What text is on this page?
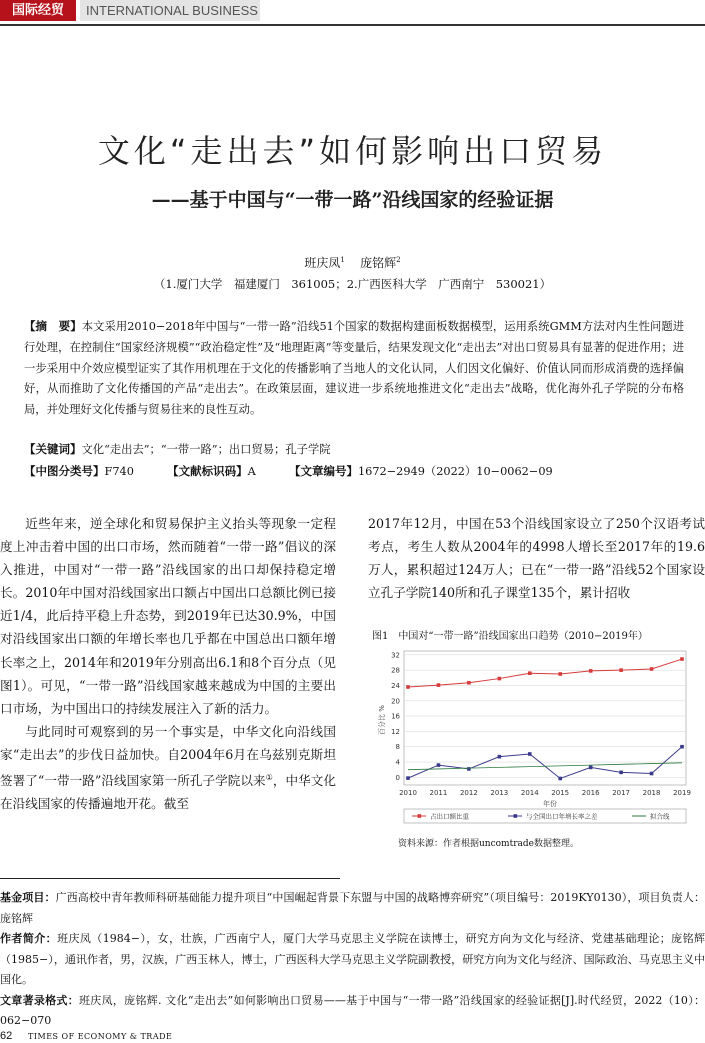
国际经贸	INTERNATIONAL BUSINESS
文化“走出去”如何影响出口贸易
——基于中国与“一带一路”沿线国家的经验证据
班庆凤$^1$ 庞铭辉$^2$
（1.厦门大学　福建厦门　361005；2.广西医科大学　广西南宁　530021）
【摘　要】本文采用2010−2018年中国与“一带一路”沿线51个国家的数据构建面板数据模型，运用系统GMM方法对内生性问题进行处理，在控制住“国家经济规模”“政治稳定性”及“地理距离”等变量后，结果发现文化“走出去”对出口贸易具有显著的促进作用；进一步采用中介效应模型证实了其作用机理在于文化的传播影响了当地人的文化认同，人们因文化偏好、价值认同而形成消费的选择偏好，从而推助了文化传播国的产品“走出去”。在政策层面，建议进一步系统地推进文化“走出去”战略，优化海外孔子学院的分布格局，并处理好文化传播与贸易往来的良性互动。
【关键词】文化“走出去”；“一带一路”；出口贸易；孔子学院
【中图分类号】F740	【文献标识码】A	【文章编号】1672−2949（2022）10−0062−09

近些年来，逆全球化和贸易保护主义抬头等现象一定程度上冲击着中国的出口市场，然而随着“一带一路”倡议的深入推进，中国对“一带一路”沿线国家的出口却保持稳定增长。2010年中国对沿线国家出口额占中国出口总额比例已接近1/4，此后持平稳上升态势，到2019年已达30.9%，中国对沿线国家出口额的年增长率也几乎都在中国总出口额年增长率之上，2014年和2019年分别高出6.1和8个百分点（见图1）。可见，“一带一路”沿线国家越来越成为中国的主要出口市场，为中国出口的持续发展注入了新的活力。

与此同时可观察到的另一个事实是，中华文化向沿线国家“走出去”的步伐日益加快。自2004年6月在乌兹别克斯坦签署了“一带一路”沿线国家第一所孔子学院以来①，中华文化在沿线国家的传播遍地开花。截至

2017年12月，中国在53个沿线国家设立了250个汉语考试考点，考生人数从2004年的4998人增长至2017年的19.6万人，累积超过124万人；已在“一带一路”沿线52个国家设立孔子学院140所和孔子课堂135个，累计招收

图1　中国对“一带一路”沿线国家出口趋势（2010−2019年）
0
4
8
12
16
20
24
28
32
2010 2011 2012 2013 2014 2015 2016 2017 2018 2019
百分比 %
年份
占出口额比重	与全国出口年增长率之差	拟合线
资料来源：作者根据uncomtrade数据整理。
基金项目：广西高校中青年教师科研基础能力提升项目“中国崛起背景下东盟与中国的战略博弈研究”（项目编号：2019KY0130），项目负责人：庞铭辉
作者简介：班庆凤（1984−），女，壮族，广西南宁人，厦门大学马克思主义学院在读博士，研究方向为文化与经济、党建基础理论；庞铭辉（1985−），通讯作者，男，汉族，广西玉林人，博士，广西医科大学马克思主义学院副教授，研究方向为文化与经济、国际政治、马克思主义中国化。
文章著录格式：班庆凤，庞铭辉. 文化“走出去”如何影响出口贸易——基于中国与“一带一路”沿线国家的经验证据[J].时代经贸，2022（10）：062−070
62 TIMES OF ECONOMY & TRADE
